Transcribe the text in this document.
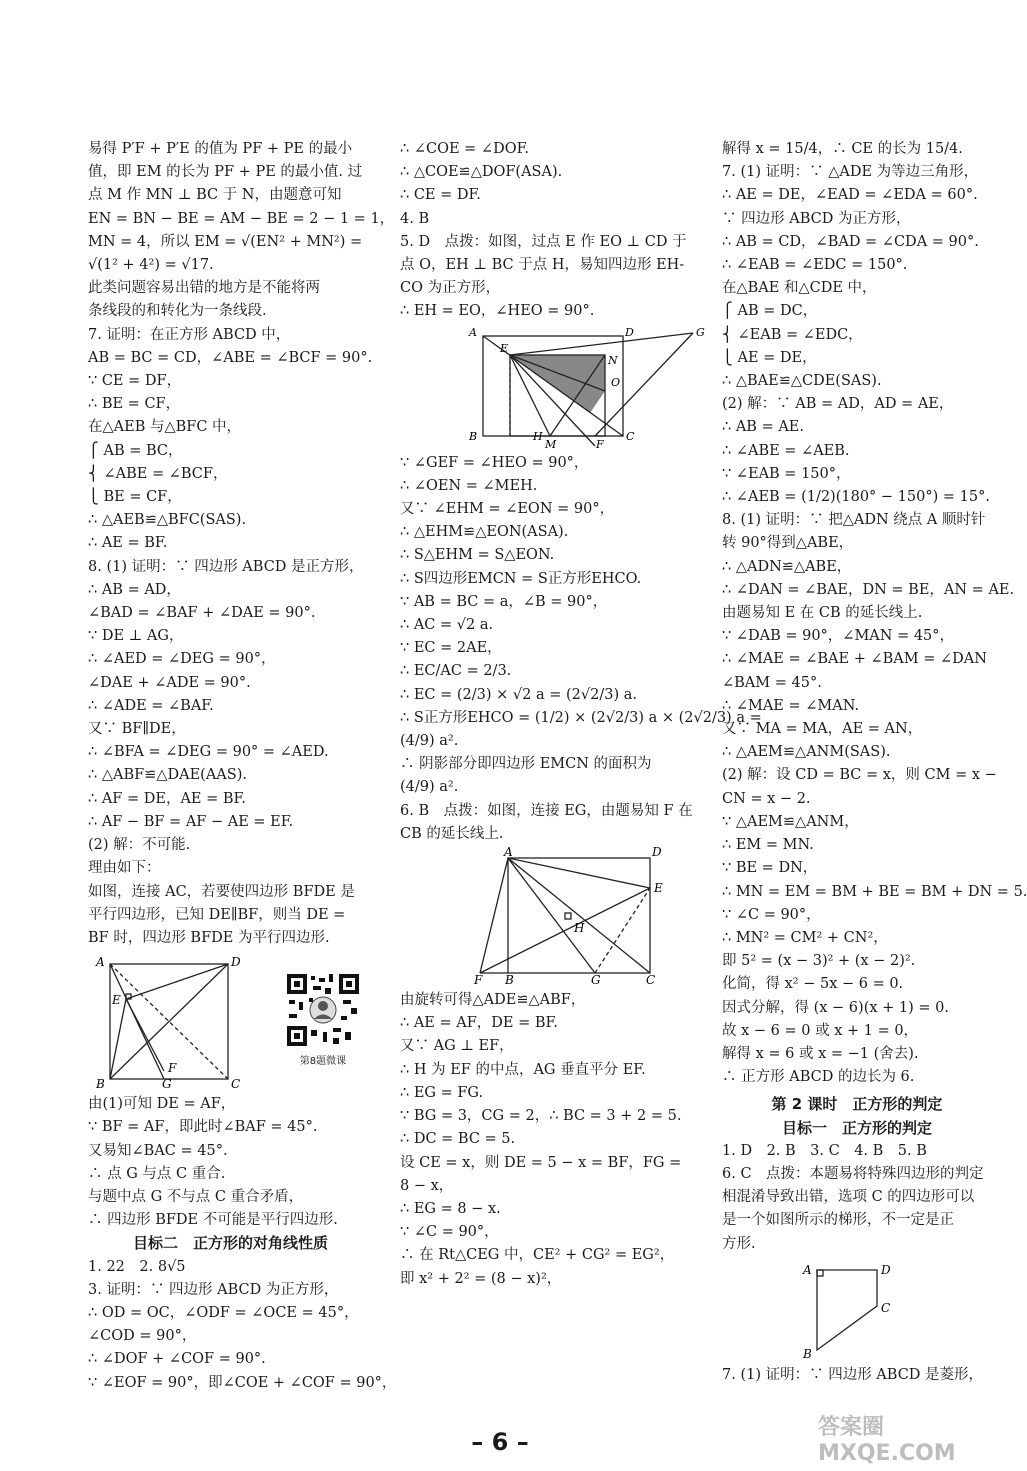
易得 P′F + P′E 的值为 PF + PE 的最小
值，即 EM 的长为 PF + PE 的最小值. 过
点 M 作 MN ⊥ BC 于 N，由题意可知
EN = BN − BE = AM − BE = 2 − 1 = 1，
MN = 4，所以 EM = √(EN² + MN²) =
√(1² + 4²) = √17.
此类问题容易出错的地方是不能将两
条线段的和转化为一条线段.
7. 证明：在正方形 ABCD 中，
AB = BC = CD，∠ABE = ∠BCF = 90°.
∵ CE = DF，
∴ BE = CF，
在△AEB 与△BFC 中，
⎧ AB = BC，
⎨ ∠ABE = ∠BCF，
⎩ BE = CF，
∴ △AEB≌△BFC(SAS).
∴ AE = BF.
8. (1) 证明：∵ 四边形 ABCD 是正方形，
∴ AB = AD，
∠BAD = ∠BAF + ∠DAE = 90°.
∵ DE ⊥ AG，
∴ ∠AED = ∠DEG = 90°，
∠DAE + ∠ADE = 90°.
∴ ∠ADE = ∠BAF.
又∵ BF∥DE，
∴ ∠BFA = ∠DEG = 90° = ∠AED.
∴ △ABF≌△DAE(AAS).
∴ AF = DE，AE = BF.
∴ AF − BF = AF − AE = EF.
(2) 解：不可能.
理由如下：
如图，连接 AC，若要使四边形 BFDE 是
平行四边形，已知 DE∥BF，则当 DE =
BF 时，四边形 BFDE 为平行四边形.
A	D
E
F
B	G	C
由(1)可知 DE = AF，
∵ BF = AF，即此时∠BAF = 45°.
又易知∠BAC = 45°.
∴ 点 G 与点 C 重合.
与题中点 G 不与点 C 重合矛盾，
∴ 四边形 BFDE 不可能是平行四边形.
目标二　正方形的对角线性质
1. 22　2. 8√5
3. 证明：∵ 四边形 ABCD 为正方形，
∴ OD = OC，∠ODF = ∠OCE = 45°，
∠COD = 90°，
∴ ∠DOF + ∠COF = 90°.
∵ ∠EOF = 90°，即∠COE + ∠COF = 90°，
第8题微课
∴ ∠COE = ∠DOF.
∴ △COE≌△DOF(ASA).
∴ CE = DF.
4. B
5. D　点拨：如图，过点 E 作 EO ⊥ CD 于
点 O，EH ⊥ BC 于点 H，易知四边形 EH-
CO 为正方形，
∴ EH = EO，∠HEO = 90°.
A
E
D
N
O
G
H
B
M
C
F
∵ ∠GEF = ∠HEO = 90°，
∴ ∠OEN = ∠MEH.
又∵ ∠EHM = ∠EON = 90°，
∴ △EHM≌△EON(ASA).
∴ S△EHM = S△EON.
∴ S四边形EMCN = S正方形EHCO.
∵ AB = BC = a，∠B = 90°，
∴ AC = √2 a.
∵ EC = 2AE，
∴ EC/AC = 2/3.
∴ EC = (2/3) × √2 a = (2√2/3) a.
∴ S正方形EHCO = (1/2) × (2√2/3) a × (2√2/3) a =
(4/9) a².
∴ 阴影部分即四边形 EMCN 的面积为
(4/9) a².
6. B　点拨：如图，连接 EG，由题易知 F 在
CB 的延长线上.
A	D
E
H
F B	G	C
由旋转可得△ADE≌△ABF，
∴ AE = AF，DE = BF.
又∵ AG ⊥ EF，
∴ H 为 EF 的中点，AG 垂直平分 EF.
∴ EG = FG.
∵ BG = 3，CG = 2，∴ BC = 3 + 2 = 5.
∴ DC = BC = 5.
设 CE = x，则 DE = 5 − x = BF，FG =
8 − x，
∴ EG = 8 − x.
∵ ∠C = 90°，
∴ 在 Rt△CEG 中，CE² + CG² = EG²，
即 x² + 2² = (8 − x)²，
解得 x = 15/4，∴ CE 的长为 15/4.
7. (1) 证明：∵ △ADE 为等边三角形，
∴ AE = DE，∠EAD = ∠EDA = 60°.
∵ 四边形 ABCD 为正方形，
∴ AB = CD，∠BAD = ∠CDA = 90°.
∴ ∠EAB = ∠EDC = 150°.
在△BAE 和△CDE 中，
⎧ AB = DC，
⎨ ∠EAB = ∠EDC，
⎩ AE = DE，
∴ △BAE≌△CDE(SAS).
(2) 解：∵ AB = AD，AD = AE，
∴ AB = AE.
∴ ∠ABE = ∠AEB.
∵ ∠EAB = 150°，
∴ ∠AEB = (1/2)(180° − 150°) = 15°.
8. (1) 证明：∵ 把△ADN 绕点 A 顺时针
转 90°得到△ABE，
∴ △ADN≌△ABE，
∴ ∠DAN = ∠BAE，DN = BE，AN = AE.
由题易知 E 在 CB 的延长线上.
∵ ∠DAB = 90°，∠MAN = 45°，
∴ ∠MAE = ∠BAE + ∠BAM = ∠DAN
∠BAM = 45°.
∴ ∠MAE = ∠MAN.
又∵ MA = MA，AE = AN，
∴ △AEM≌△ANM(SAS).
(2) 解：设 CD = BC = x，则 CM = x −
CN = x − 2.
∵ △AEM≌△ANM，
∴ EM = MN.
∵ BE = DN，
∴ MN = EM = BM + BE = BM + DN = 5.
∵ ∠C = 90°，
∴ MN² = CM² + CN²，
即 5² = (x − 3)² + (x − 2)².
化简，得 x² − 5x − 6 = 0.
因式分解，得 (x − 6)(x + 1) = 0.
故 x − 6 = 0 或 x + 1 = 0，
解得 x = 6 或 x = −1 (舍去).
∴ 正方形 ABCD 的边长为 6.
第 2 课时　正方形的判定
目标一　正方形的判定
1. D　2. B　3. C　4. B　5. B
6. C　点拨：本题易将特殊四边形的判定
相混淆导致出错，选项 C 的四边形可以
是一个如图所示的梯形，不一定是正
方形.
A	D
C
B
7. (1) 证明：∵ 四边形 ABCD 是菱形，
答案圈 MXQE.COM
– 6 –
